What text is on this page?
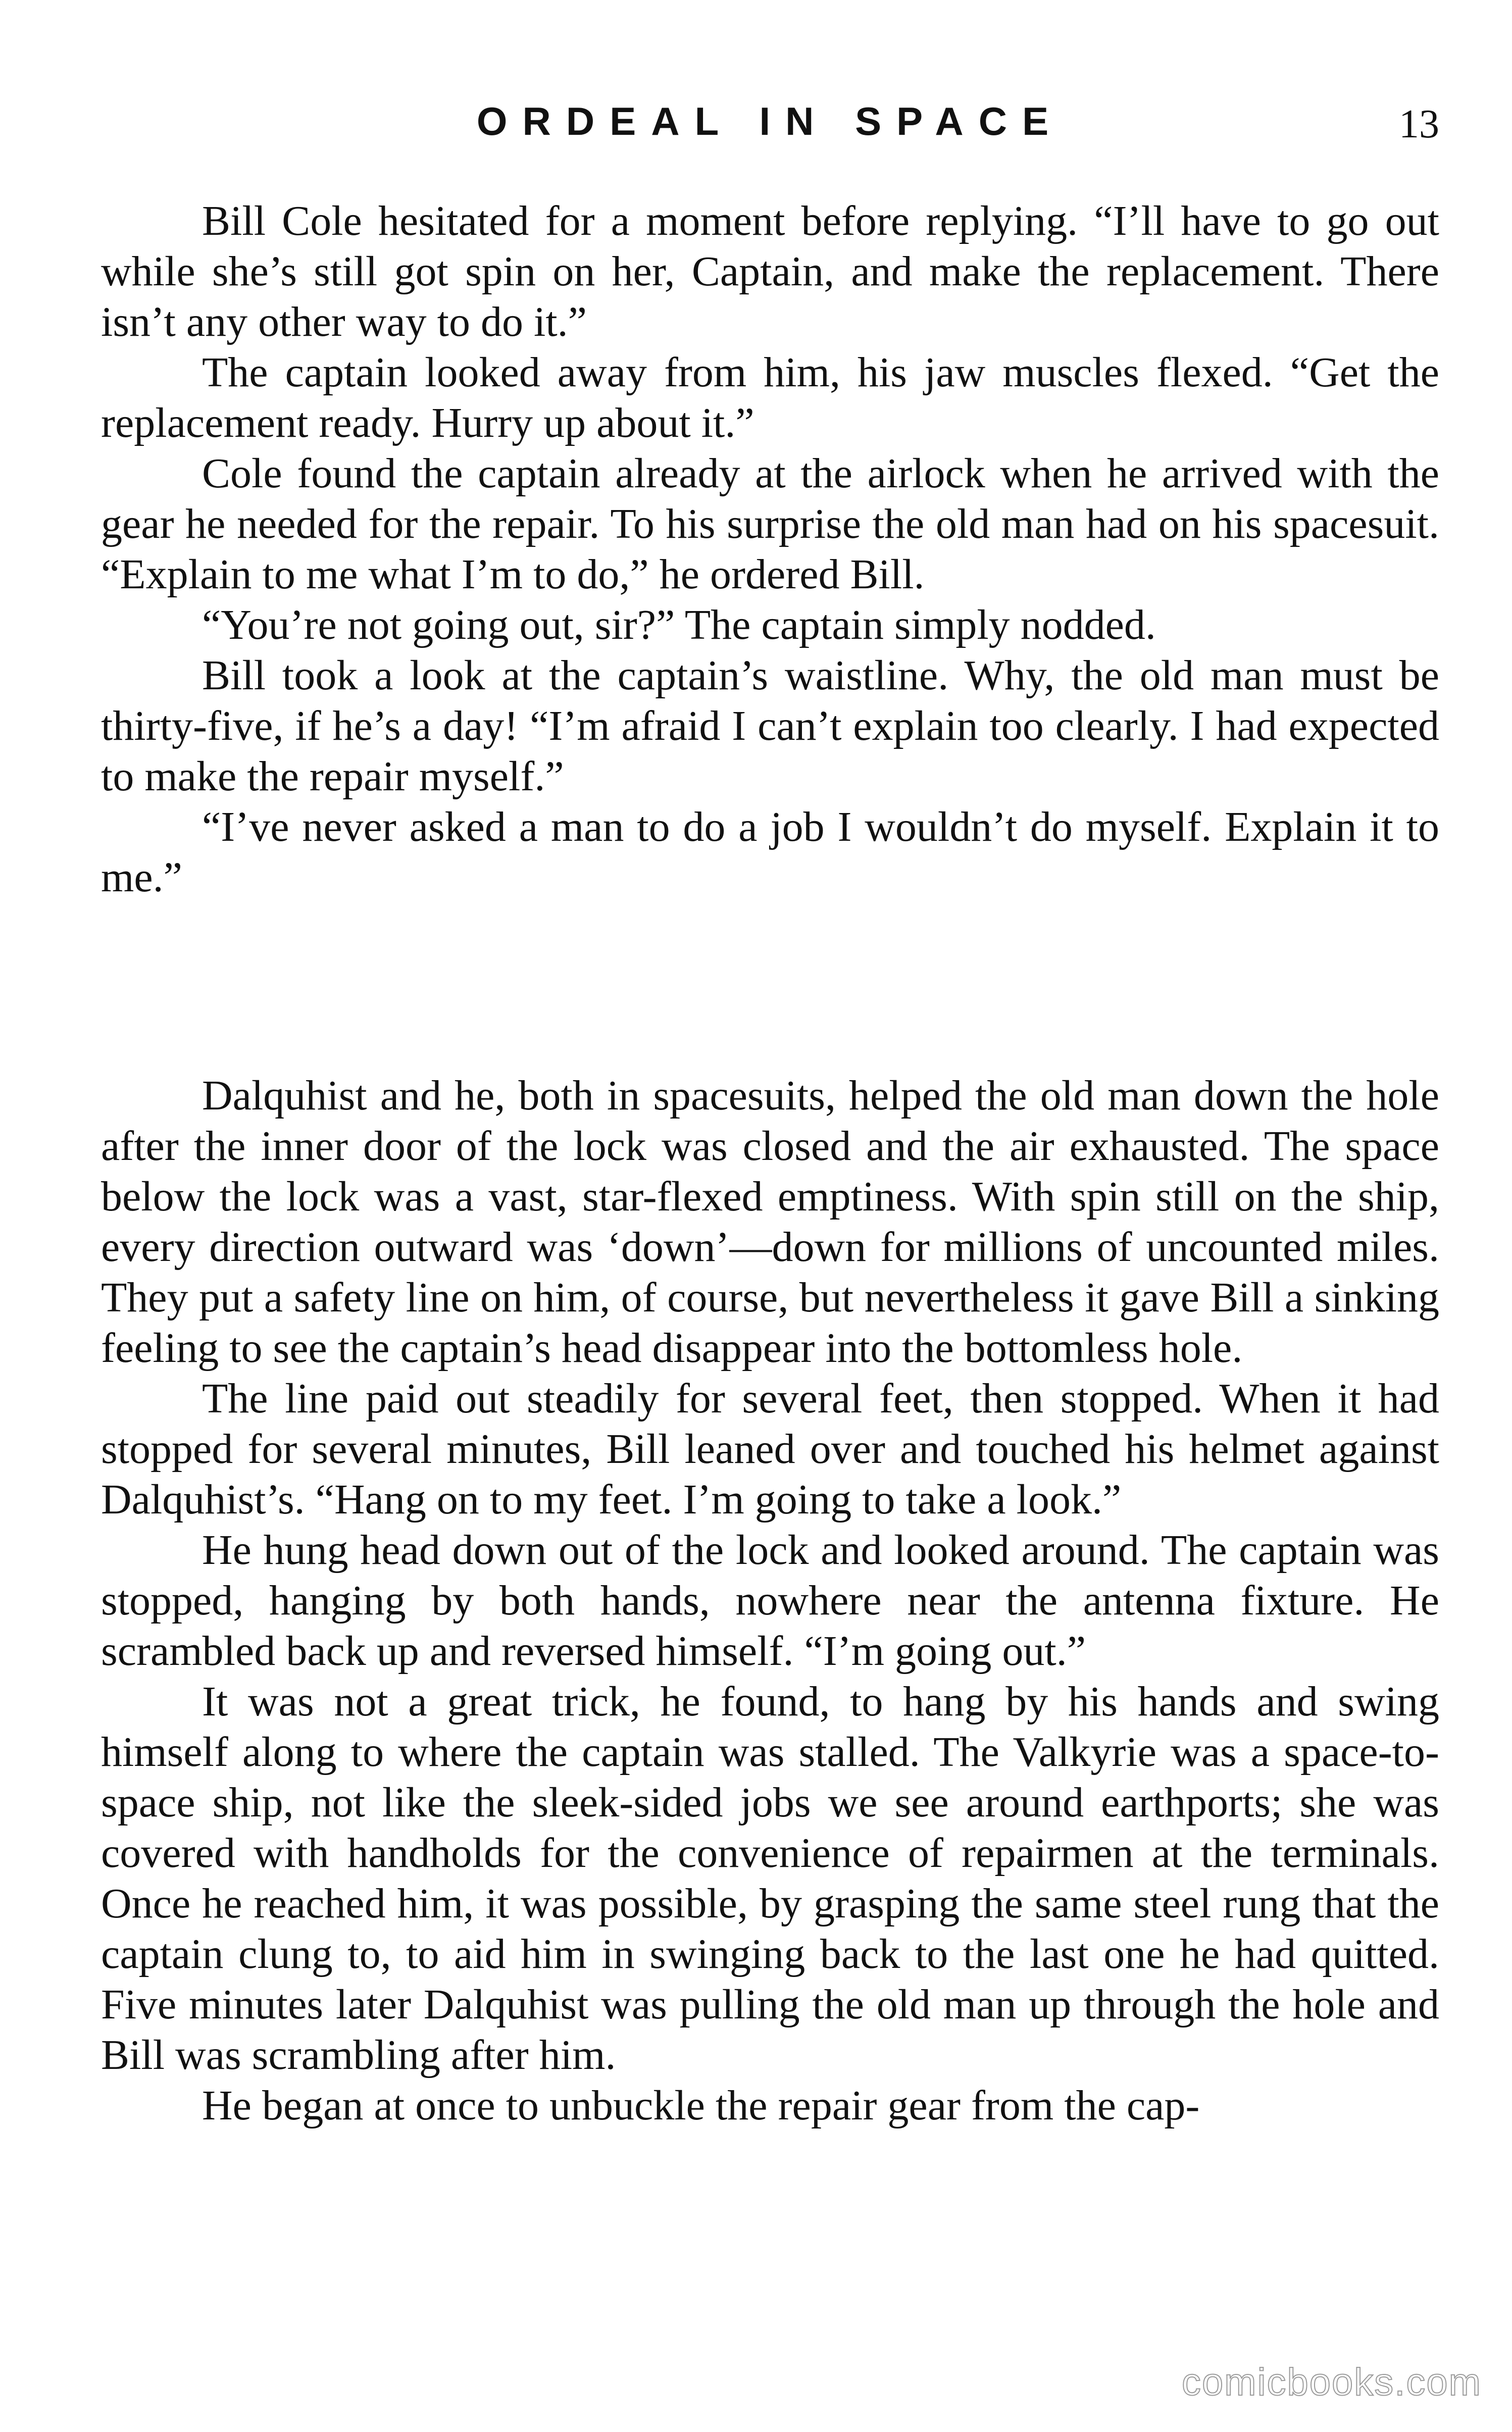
ORDEAL IN SPACE	13

Bill Cole hesitated for a moment before replying. “I’ll have to go out while she’s still got spin on her, Captain, and make the replacement. There isn’t any other way to do it.”

The captain looked away from him, his jaw muscles flexed. “Get the replacement ready. Hurry up about it.”

Cole found the captain already at the airlock when he arrived with the gear he needed for the repair. To his surprise the old man had on his spacesuit. “Explain to me what I’m to do,” he ordered Bill.

“You’re not going out, sir?” The captain simply nodded.

Bill took a look at the captain’s waistline. Why, the old man must be thirty-five, if he’s a day! “I’m afraid I can’t explain too clearly. I had expected to make the repair myself.”

“I’ve never asked a man to do a job I wouldn’t do myself. Explain it to me.”

Dalquhist and he, both in spacesuits, helped the old man down the hole after the inner door of the lock was closed and the air exhausted. The space below the lock was a vast, star-flexed emptiness. With spin still on the ship, every direction outward was ‘down’—down for millions of uncounted miles. They put a safety line on him, of course, but nevertheless it gave Bill a sinking feeling to see the captain’s head disappear into the bottomless hole.

The line paid out steadily for several feet, then stopped. When it had stopped for several minutes, Bill leaned over and touched his helmet against Dalquhist’s. “Hang on to my feet. I’m going to take a look.”

He hung head down out of the lock and looked around. The captain was stopped, hanging by both hands, nowhere near the antenna fixture. He scrambled back up and reversed himself. “I’m going out.”

It was not a great trick, he found, to hang by his hands and swing himself along to where the captain was stalled. The Valkyrie was a space-to-space ship, not like the sleek-sided jobs we see around earthports; she was covered with handholds for the convenience of repairmen at the terminals. Once he reached him, it was possible, by grasping the same steel rung that the captain clung to, to aid him in swinging back to the last one he had quitted. Five minutes later Dalquhist was pulling the old man up through the hole and Bill was scrambling after him.

He began at once to unbuckle the repair gear from the cap-

comicbooks.com
